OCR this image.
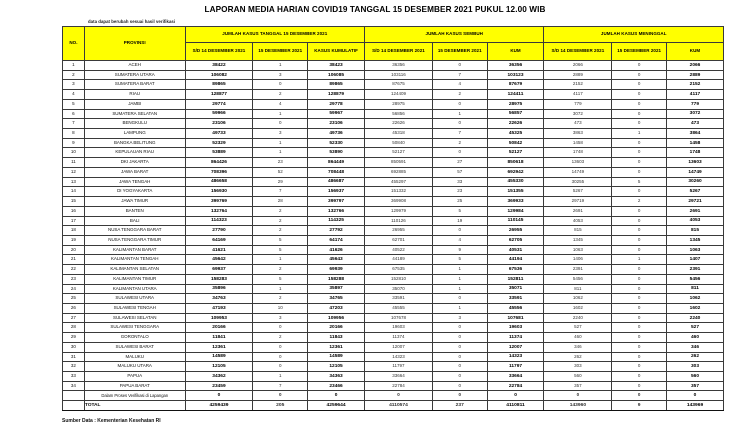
LAPORAN MEDIA HARIAN COVID19 TANGGAL 15 DESEMBER 2021 PUKUL 12.00 WIB
data dapat berubah sesuai hasil verifikasi
NO.	PROVINSI	JUMLAH KASUS TANGGAL 15 DESEMBER 2021			JUMLAH KASUS SEMBUH			JUMLAH KASUS MENINGGAL		
		S/D 14 DESEMBER 2021	15 DESEMBER 2021	KASUS KUMULATIF	S/D 14 DESEMBER 2021	15 DESEMBER 2021	KUM	S/D 14 DESEMBER 2021	15 DESEMBER 2021	KUM
1	ACEH	38422	1	38423	36356	0	36356	2066	0	2066
2	SUMATERA UTARA	106082	3	106085	103116	7	103123	2889	0	2889
3	SUMATERA BARAT	89865	0	89865	87675	4	87679	2152	0	2152
4	RIAU	128877	2	128879	124409	2	124411	4117	0	4117
5	JAMBI	29774	4	29778	28975	0	28975	779	0	779
6	SUMATERA SELATAN	59966	1	59967	56856	1	56857	3072	0	3072
7	BENGKULU	23106	0	23106	22626	0	22626	473	0	473
8	LAMPUNG	49733	3	49736	45318	7	45325	3863	1	3864
9	BANGKA BELITUNG	52329	1	52330	50840	2	50842	1458	0	1458
10	KEPULAUAN RIAU	53889	1	53890	52127	0	52127	1748	0	1748
11	DKI JAKARTA	864426	23	864449	850591	27	850618	13603	0	13603
12	JAWA BARAT	708396	52	708448	692885	57	692942	14749	0	14749
13	JAWA TENGAH	486658	29	486687	455297	33	455330	30255	5	30260
14	DI YOGYAKARTA	156930	7	156937	151332	23	151355	5267	0	5267
15	JAWA TIMUR	399769	28	399797	369908	25	369933	29719	2	29721
16	BANTEN	132764	2	132766	129979	5	129984	2691	0	2691
17	BALI	114323	2	114325	110126	19	110145	4053	0	4053
18	NUSA TENGGARA BARAT	27790	2	27792	26955	0	26955	815	0	815
19	NUSA TENGGARA TIMUR	64169	5	64174	62701	4	62705	1345	0	1345
20	KALIMANTAN BARAT	41621	5	41626	40522	9	40531	1063	0	1063
21	KALIMANTAN TENGAH	45642	1	45643	44189	5	44194	1406	1	1407
22	KALIMANTAN SELATAN	69937	2	69939	67535	1	67536	2391	0	2391
23	KALIMANTAN TIMUR	158283	5	158288	152810	1	152811	5456	0	5456
24	KALIMANTAN UTARA	35896	1	35897	35070	1	35071	811	0	811
25	SULAWESI UTARA	34763	2	34765	33591	0	33591	1062	0	1062
26	SULAWESI TENGAH	47193	10	47203	45555	1	45556	1602	0	1602
27	SULAWESI SELATAN	109953	3	109956	107678	3	107681	2240	0	2240
28	SULAWESI TENGGARA	20166	0	20166	19603	0	19603	527	0	527
29	GORONTALO	11841	2	11843	11374	0	11374	460	0	460
30	SULAWESI BARAT	12361	0	12361	12007	0	12007	346	0	346
31	MALUKU	14589	0	14589	14323	0	14323	262	0	262
32	MALUKU UTARA	12105	0	12105	11797	0	11797	303	0	303
33	PAPUA	34362	1	34363	33664	0	33664	560	0	560
34	PAPUA BARAT	23459	7	23466	22784	0	22784	357	0	357
	Dalam Proses Verifikasi di Lapangan	0	0	0	0	0	0	0	0	0
	TOTAL	4259439	205	4259644	4110574	237	4110811	143960	9	143969
Sumber Data : Kementerian Kesehatan RI
